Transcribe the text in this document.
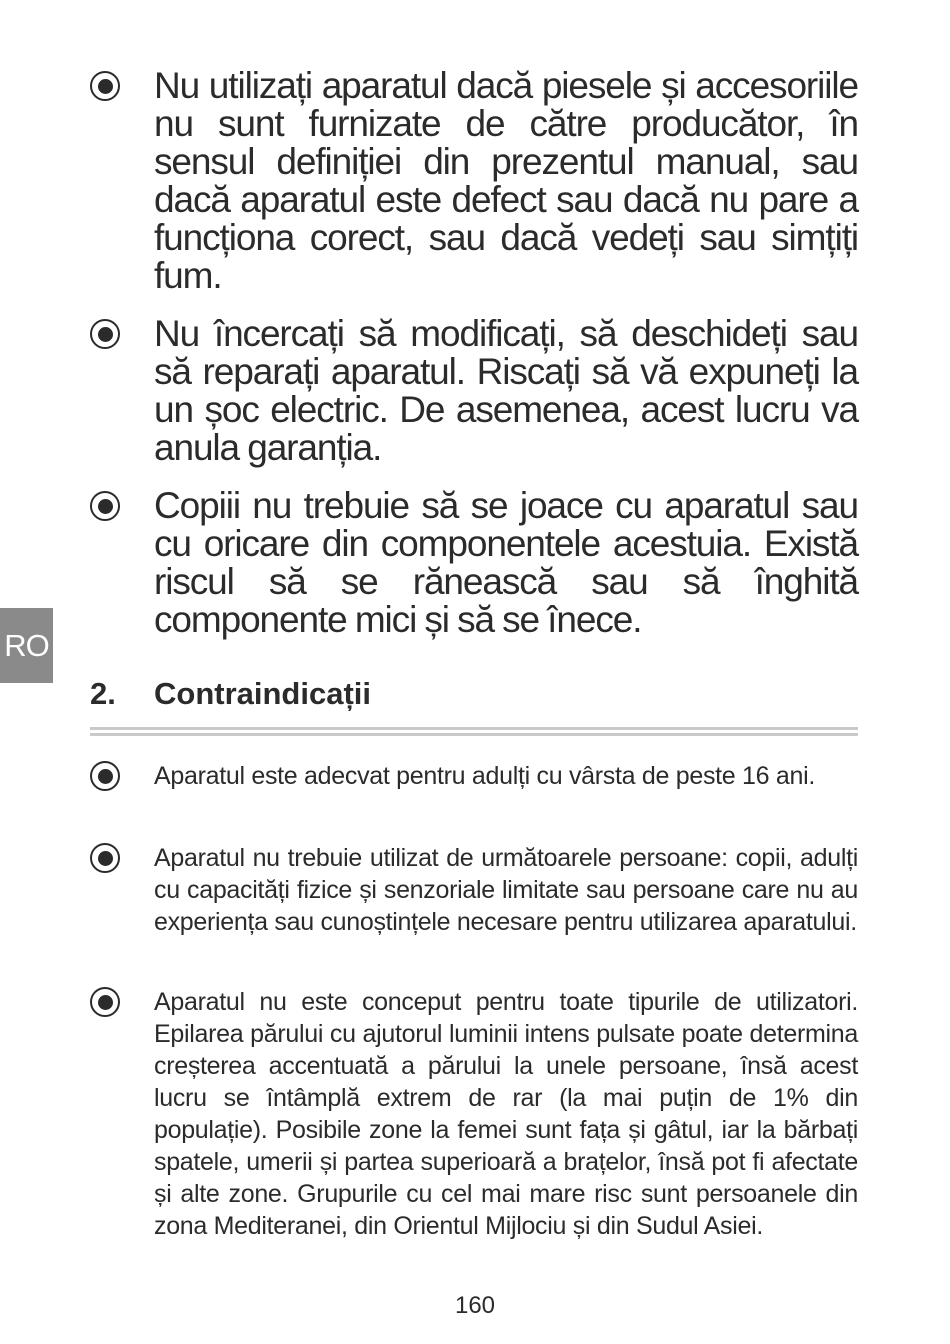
RO
Nu utilizați aparatul dacă piesele și accesoriile nu sunt furnizate de către producător, în sensul definiției din prezentul manual, sau dacă aparatul este defect sau dacă nu pare a funcționa corect, sau dacă vedeți sau simțiți fum.
Nu încercați să modificați, să deschideți sau să reparați aparatul. Riscați să vă expuneți la un șoc electric. De asemenea, acest lucru va anula garanția.
Copiii nu trebuie să se joace cu aparatul sau cu oricare din componentele acestuia. Există riscul să se rănească sau să înghită componente mici și să se înece.
2. Contraindicații
Aparatul este adecvat pentru adulți cu vârsta de peste 16 ani.
Aparatul nu trebuie utilizat de următoarele persoane: copii, adulți cu capacități fizice și senzoriale limitate sau persoane care nu au experiența sau cunoștințele necesare pentru utilizarea aparatului.
Aparatul nu este conceput pentru toate tipurile de utilizatori. Epilarea părului cu ajutorul luminii intens pulsate poate determina creșterea accentuată a părului la unele persoane, însă acest lucru se întâmplă extrem de rar (la mai puțin de 1% din populație). Posibile zone la femei sunt fața și gâtul, iar la bărbați spatele, umerii și partea superioară a brațelor, însă pot fi afectate și alte zone. Grupurile cu cel mai mare risc sunt persoanele din zona Mediteranei, din Orientul Mijlociu și din Sudul Asiei.
160
